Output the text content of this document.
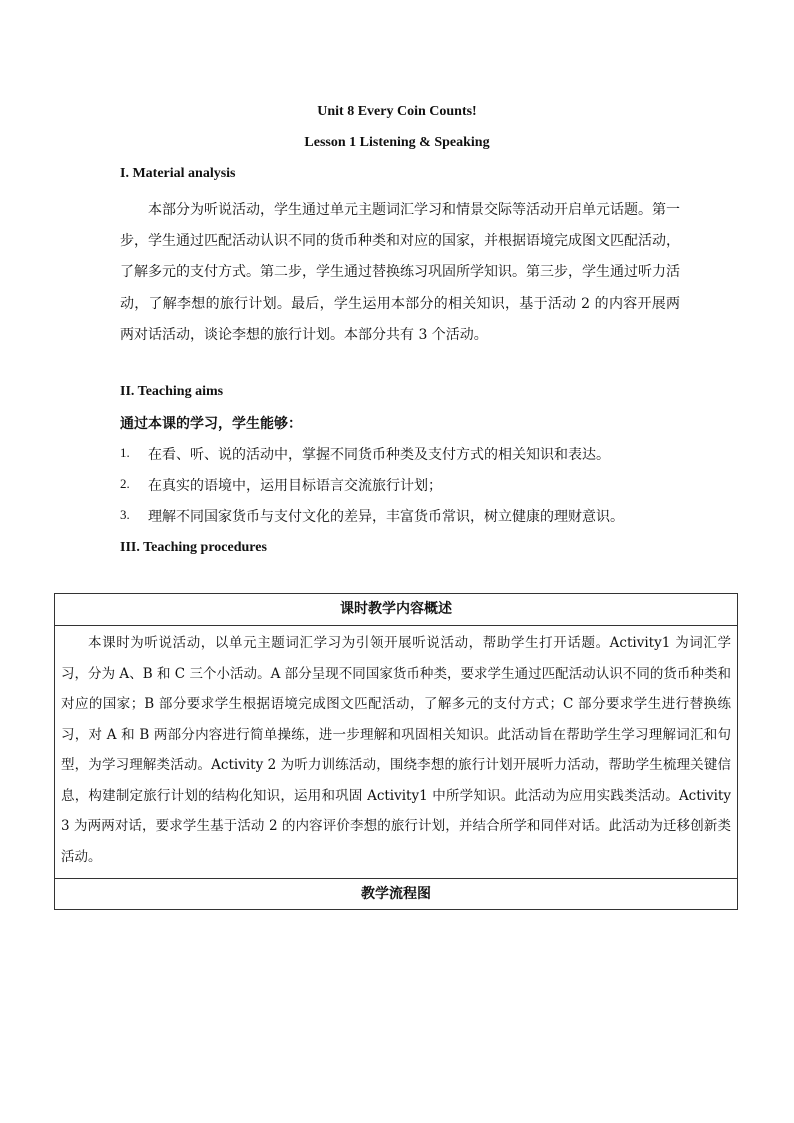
Unit 8 Every Coin Counts!
Lesson 1 Listening & Speaking
I. Material analysis

本部分为听说活动，学生通过单元主题词汇学习和情景交际等活动开启单元话题。第一步，学生通过匹配活动认识不同的货币种类和对应的国家，并根据语境完成图文匹配活动，了解多元的支付方式。第二步，学生通过替换练习巩固所学知识。第三步，学生通过听力活动，了解李想的旅行计划。最后，学生运用本部分的相关知识，基于活动 2 的内容开展两两对话活动，谈论李想的旅行计划。本部分共有 3 个活动。

II. Teaching aims
通过本课的学习，学生能够：
1.	在看、听、说的活动中，掌握不同货币种类及支付方式的相关知识和表达。
2.	在真实的语境中，运用目标语言交流旅行计划；
3.	理解不同国家货币与支付文化的差异，丰富货币常识，树立健康的理财意识。
III. Teaching procedures
课时教学内容概述

本课时为听说活动，以单元主题词汇学习为引领开展听说活动，帮助学生打开话题。Activity1 为词汇学习，分为 A、B 和 C 三个小活动。A 部分呈现不同国家货币种类，要求学生通过匹配活动认识不同的货币种类和对应的国家；B 部分要求学生根据语境完成图文匹配活动，了解多元的支付方式；C 部分要求学生进行替换练习，对 A 和 B 两部分内容进行简单操练，进一步理解和巩固相关知识。此活动旨在帮助学生学习理解词汇和句型，为学习理解类活动。Activity 2 为听力训练活动，围绕李想的旅行计划开展听力活动，帮助学生梳理关键信息，构建制定旅行计划的结构化知识，运用和巩固 Activity1 中所学知识。此活动为应用实践类活动。Activity 3 为两两对话，要求学生基于活动 2 的内容评价李想的旅行计划，并结合所学和同伴对话。此活动为迁移创新类活动。

教学流程图
